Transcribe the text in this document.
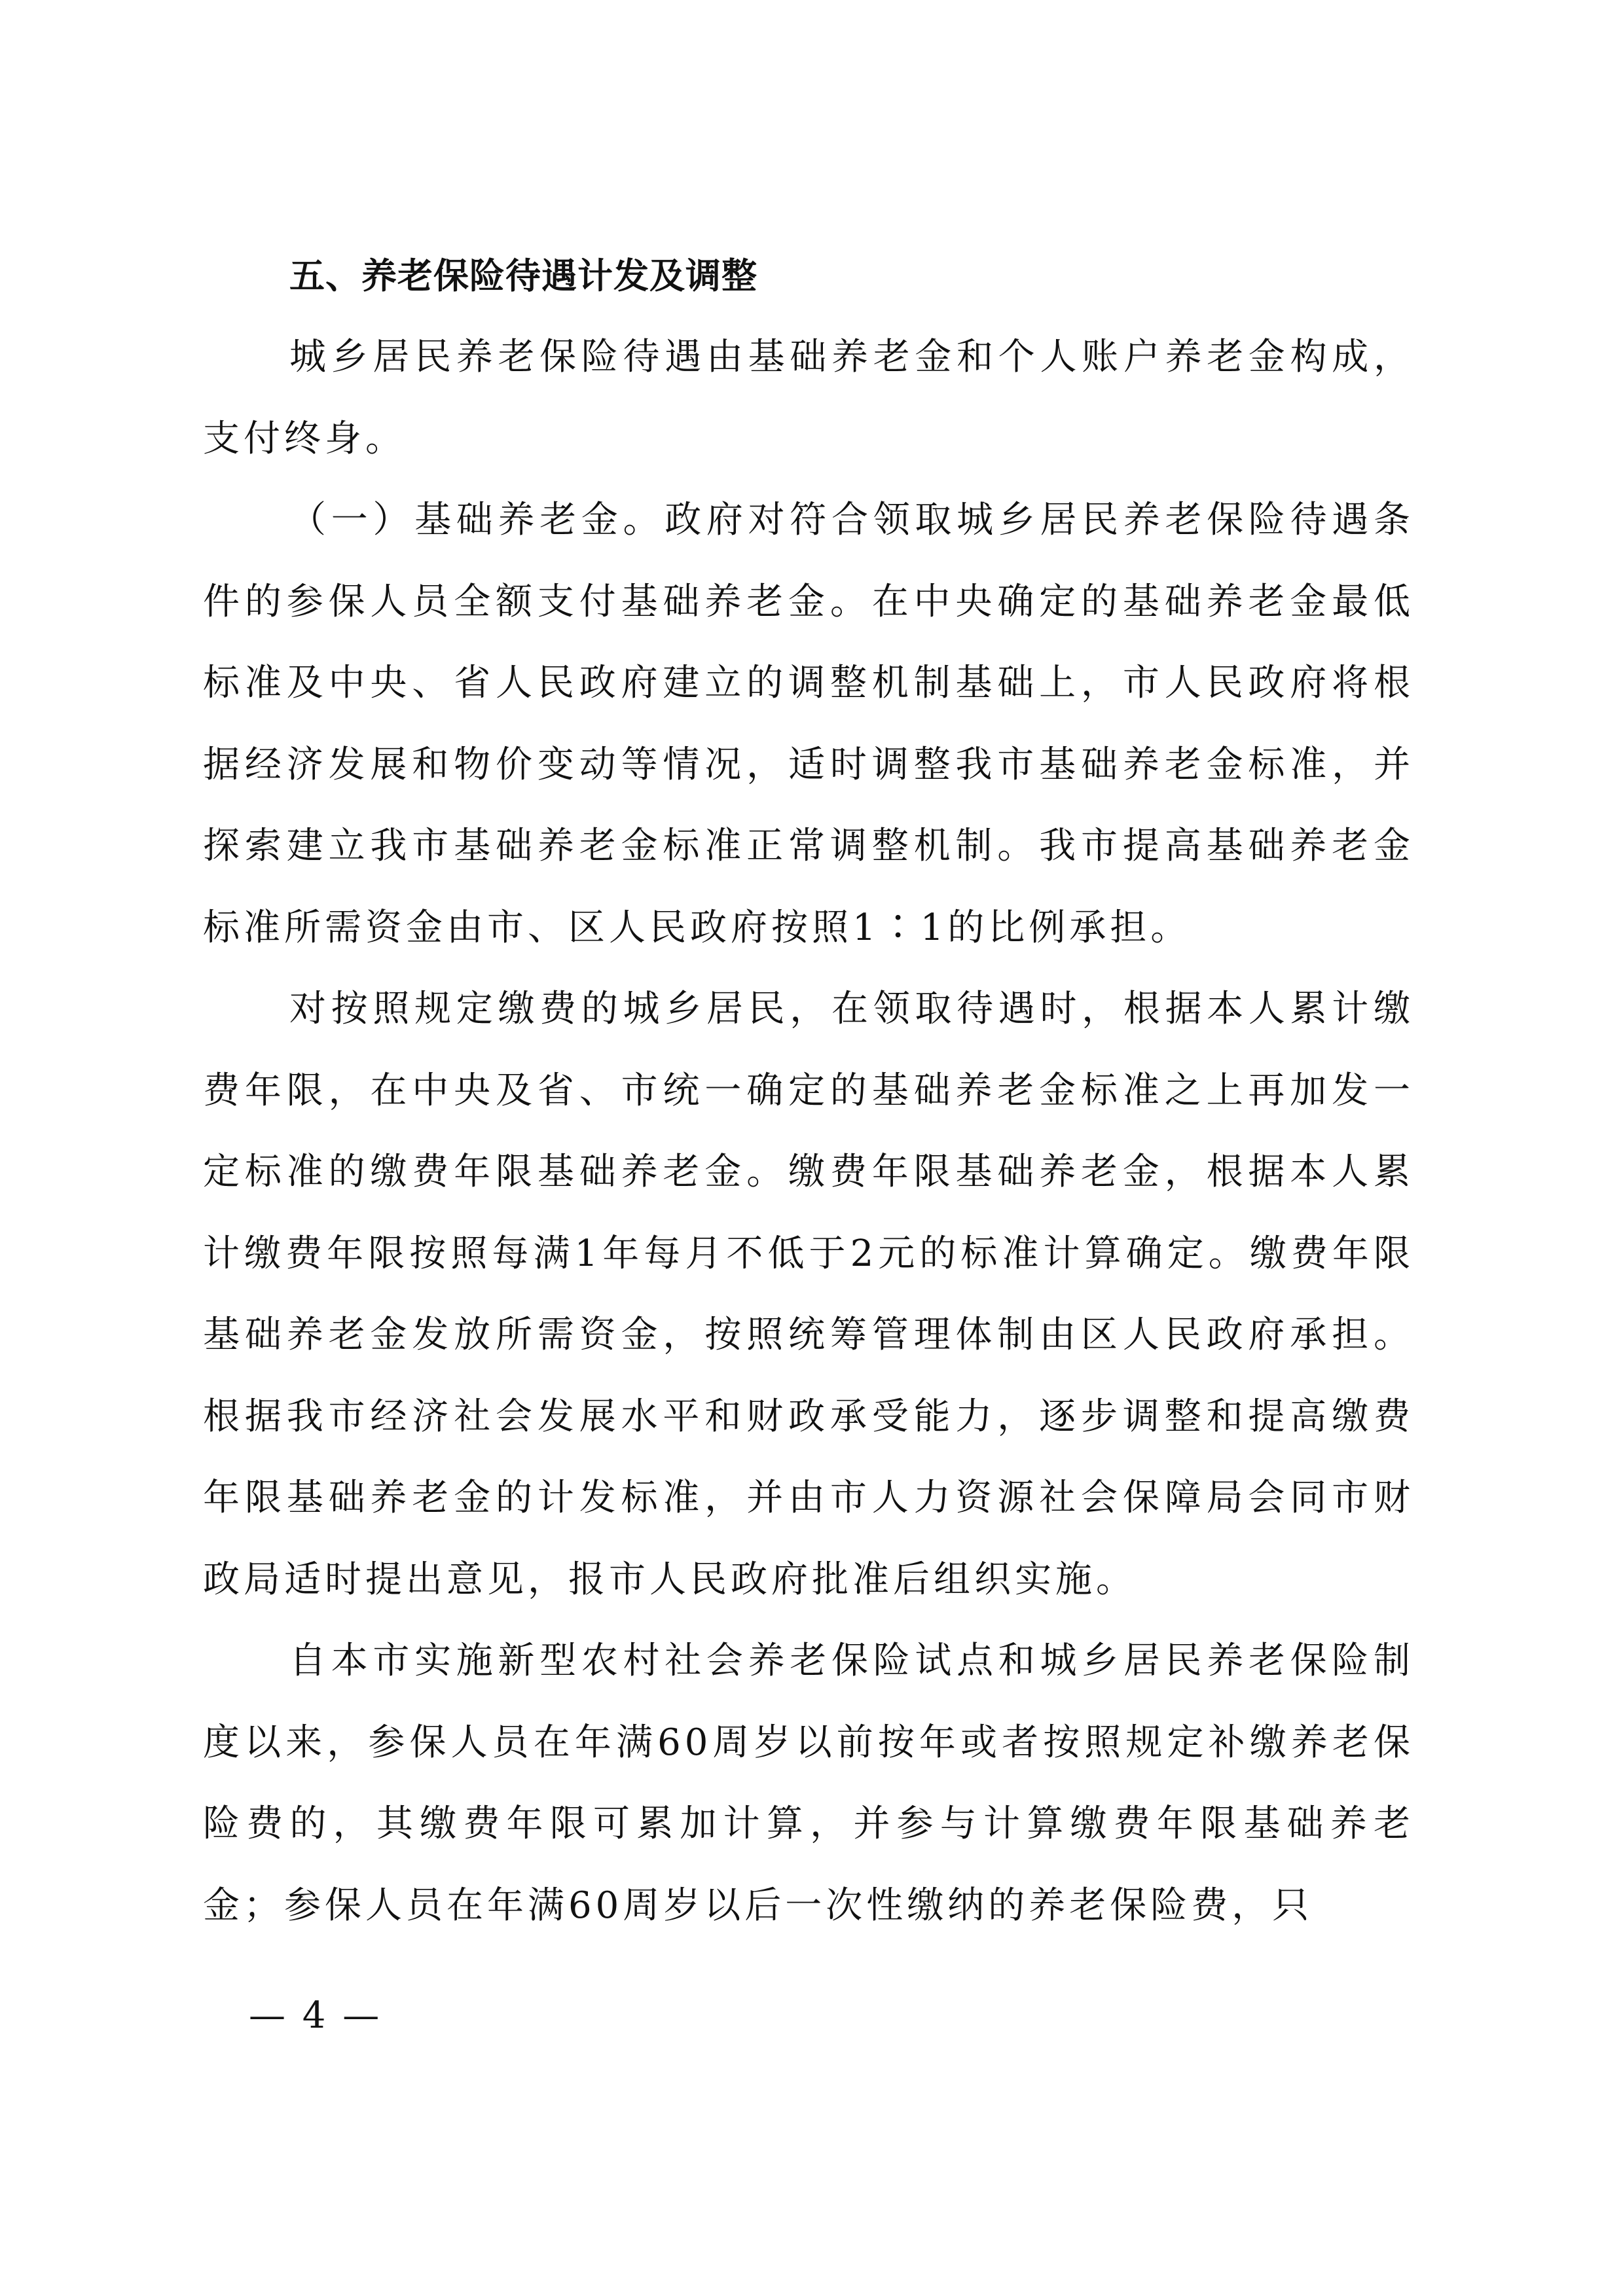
五、养老保险待遇计发及调整

城乡居民养老保险待遇由基础养老金和个人账户养老金构成，支付终身。

（一）基础养老金。政府对符合领取城乡居民养老保险待遇条件的参保人员全额支付基础养老金。在中央确定的基础养老金最低标准及中央、省人民政府建立的调整机制基础上，市人民政府将根据经济发展和物价变动等情况，适时调整我市基础养老金标准，并探索建立我市基础养老金标准正常调整机制。我市提高基础养老金标准所需资金由市、区人民政府按照1∶1的比例承担。

对按照规定缴费的城乡居民，在领取待遇时，根据本人累计缴费年限，在中央及省、市统一确定的基础养老金标准之上再加发一定标准的缴费年限基础养老金。缴费年限基础养老金，根据本人累计缴费年限按照每满1年每月不低于2元的标准计算确定。缴费年限基础养老金发放所需资金，按照统筹管理体制由区人民政府承担。根据我市经济社会发展水平和财政承受能力，逐步调整和提高缴费年限基础养老金的计发标准，并由市人力资源社会保障局会同市财政局适时提出意见，报市人民政府批准后组织实施。

自本市实施新型农村社会养老保险试点和城乡居民养老保险制度以来，参保人员在年满60周岁以前按年或者按照规定补缴养老保险费的，其缴费年限可累加计算，并参与计算缴费年限基础养老金；参保人员在年满60周岁以后一次性缴纳的养老保险费，只

— 4 —
